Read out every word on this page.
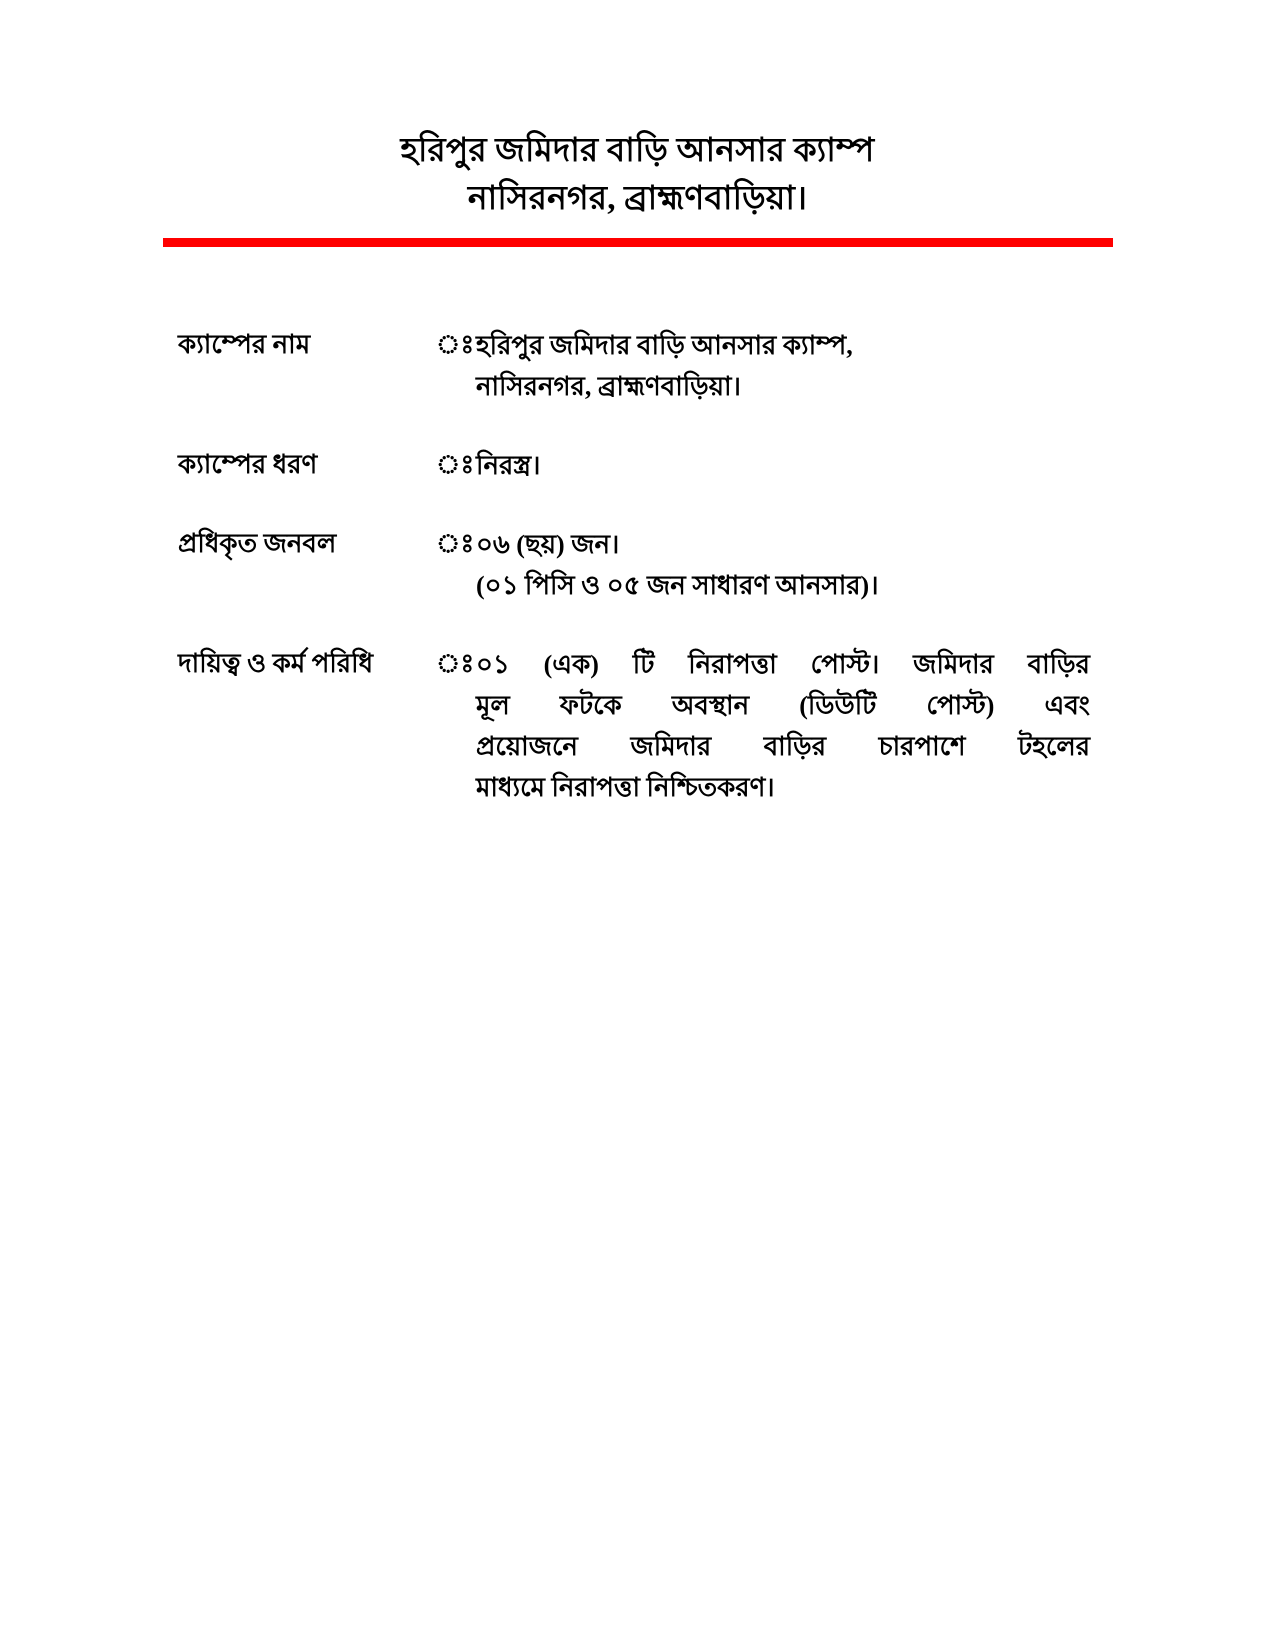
হরিপুর জমিদার বাড়ি আনসার ক্যাম্প
নাসিরনগর, ব্রাহ্মণবাড়িয়া।
ক্যাম্পের নাম	ঃ হরিপুর জমিদার বাড়ি আনসার ক্যাম্প,
নাসিরনগর, ব্রাহ্মণবাড়িয়া।
ক্যাম্পের ধরণ	ঃ নিরস্ত্র।
প্রধিকৃত জনবল	ঃ ০৬ (ছয়) জন।
(০১ পিসি ও ০৫ জন সাধারণ আনসার)।
দায়িত্ব ও কর্ম পরিধি	ঃ ০১ (এক) টি নিরাপত্তা পোস্ট। জমিদার বাড়ির
মূল ফটকে অবস্থান (ডিউটি পোস্ট) এবং
প্রয়োজনে জমিদার বাড়ির চারপাশে টহলের
মাধ্যমে নিরাপত্তা নিশ্চিতকরণ।
